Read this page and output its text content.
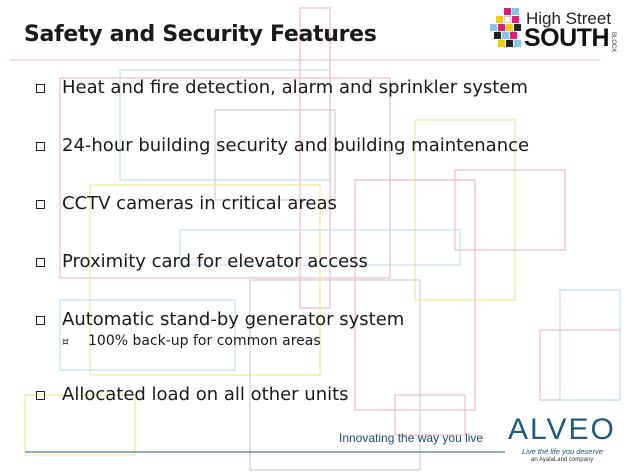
Safety and Security Features
High Street
SOUTH BLOCK
Heat and fire detection, alarm and sprinkler system
24-hour building security and building maintenance
CCTV cameras in critical areas
Proximity card for elevator access
Automatic stand-by generator system
¤ 100% back-up for common areas
Allocated load on all other units
Innovating the way you live ALVEO
Live the life you deserve
an AyalaLand company
